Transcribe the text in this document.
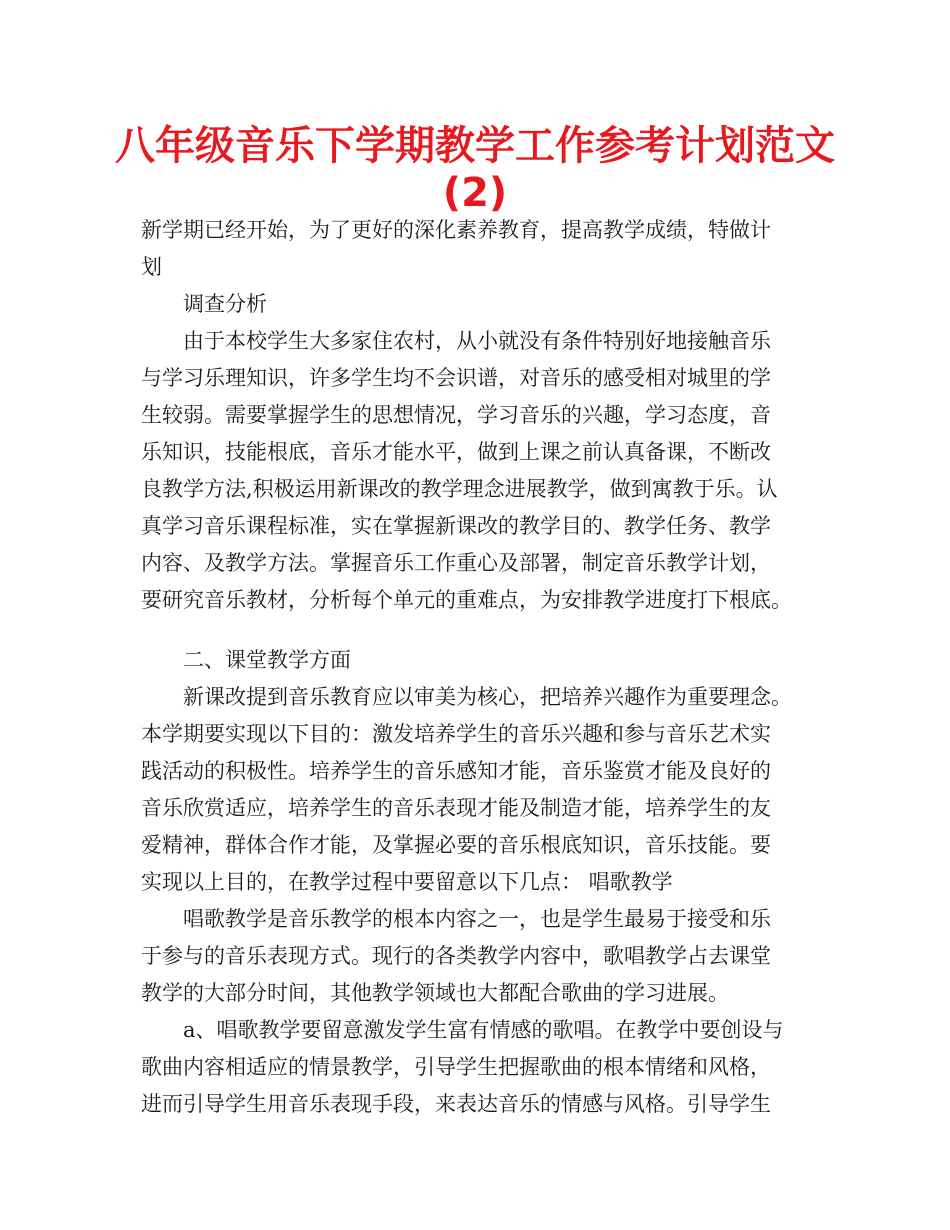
八年级音乐下学期教学工作参考计划范文
(2)
新学期已经开始，为了更好的深化素养教育，提高教学成绩，特做计
划
调查分析
由于本校学生大多家住农村，从小就没有条件特别好地接触音乐
与学习乐理知识，许多学生均不会识谱，对音乐的感受相对城里的学
生较弱。需要掌握学生的思想情况，学习音乐的兴趣，学习态度，音
乐知识，技能根底，音乐才能水平，做到上课之前认真备课，不断改
良教学方法,积极运用新课改的教学理念进展教学，做到寓教于乐。认
真学习音乐课程标准，实在掌握新课改的教学目的、教学任务、教学
内容、及教学方法。掌握音乐工作重心及部署，制定音乐教学计划，
要研究音乐教材，分析每个单元的重难点，为安排教学进度打下根底。
二、课堂教学方面
新课改提到音乐教育应以审美为核心，把培养兴趣作为重要理念。
本学期要实现以下目的：激发培养学生的音乐兴趣和参与音乐艺术实
践活动的积极性。培养学生的音乐感知才能，音乐鉴赏才能及良好的
音乐欣赏适应，培养学生的音乐表现才能及制造才能，培养学生的友
爱精神，群体合作才能，及掌握必要的音乐根底知识，音乐技能。要
实现以上目的，在教学过程中要留意以下几点： 唱歌教学
唱歌教学是音乐教学的根本内容之一，也是学生最易于接受和乐
于参与的音乐表现方式。现行的各类教学内容中，歌唱教学占去课堂
教学的大部分时间，其他教学领域也大都配合歌曲的学习进展。
a、唱歌教学要留意激发学生富有情感的歌唱。在教学中要创设与
歌曲内容相适应的情景教学，引导学生把握歌曲的根本情绪和风格，
进而引导学生用音乐表现手段，来表达音乐的情感与风格。引导学生
